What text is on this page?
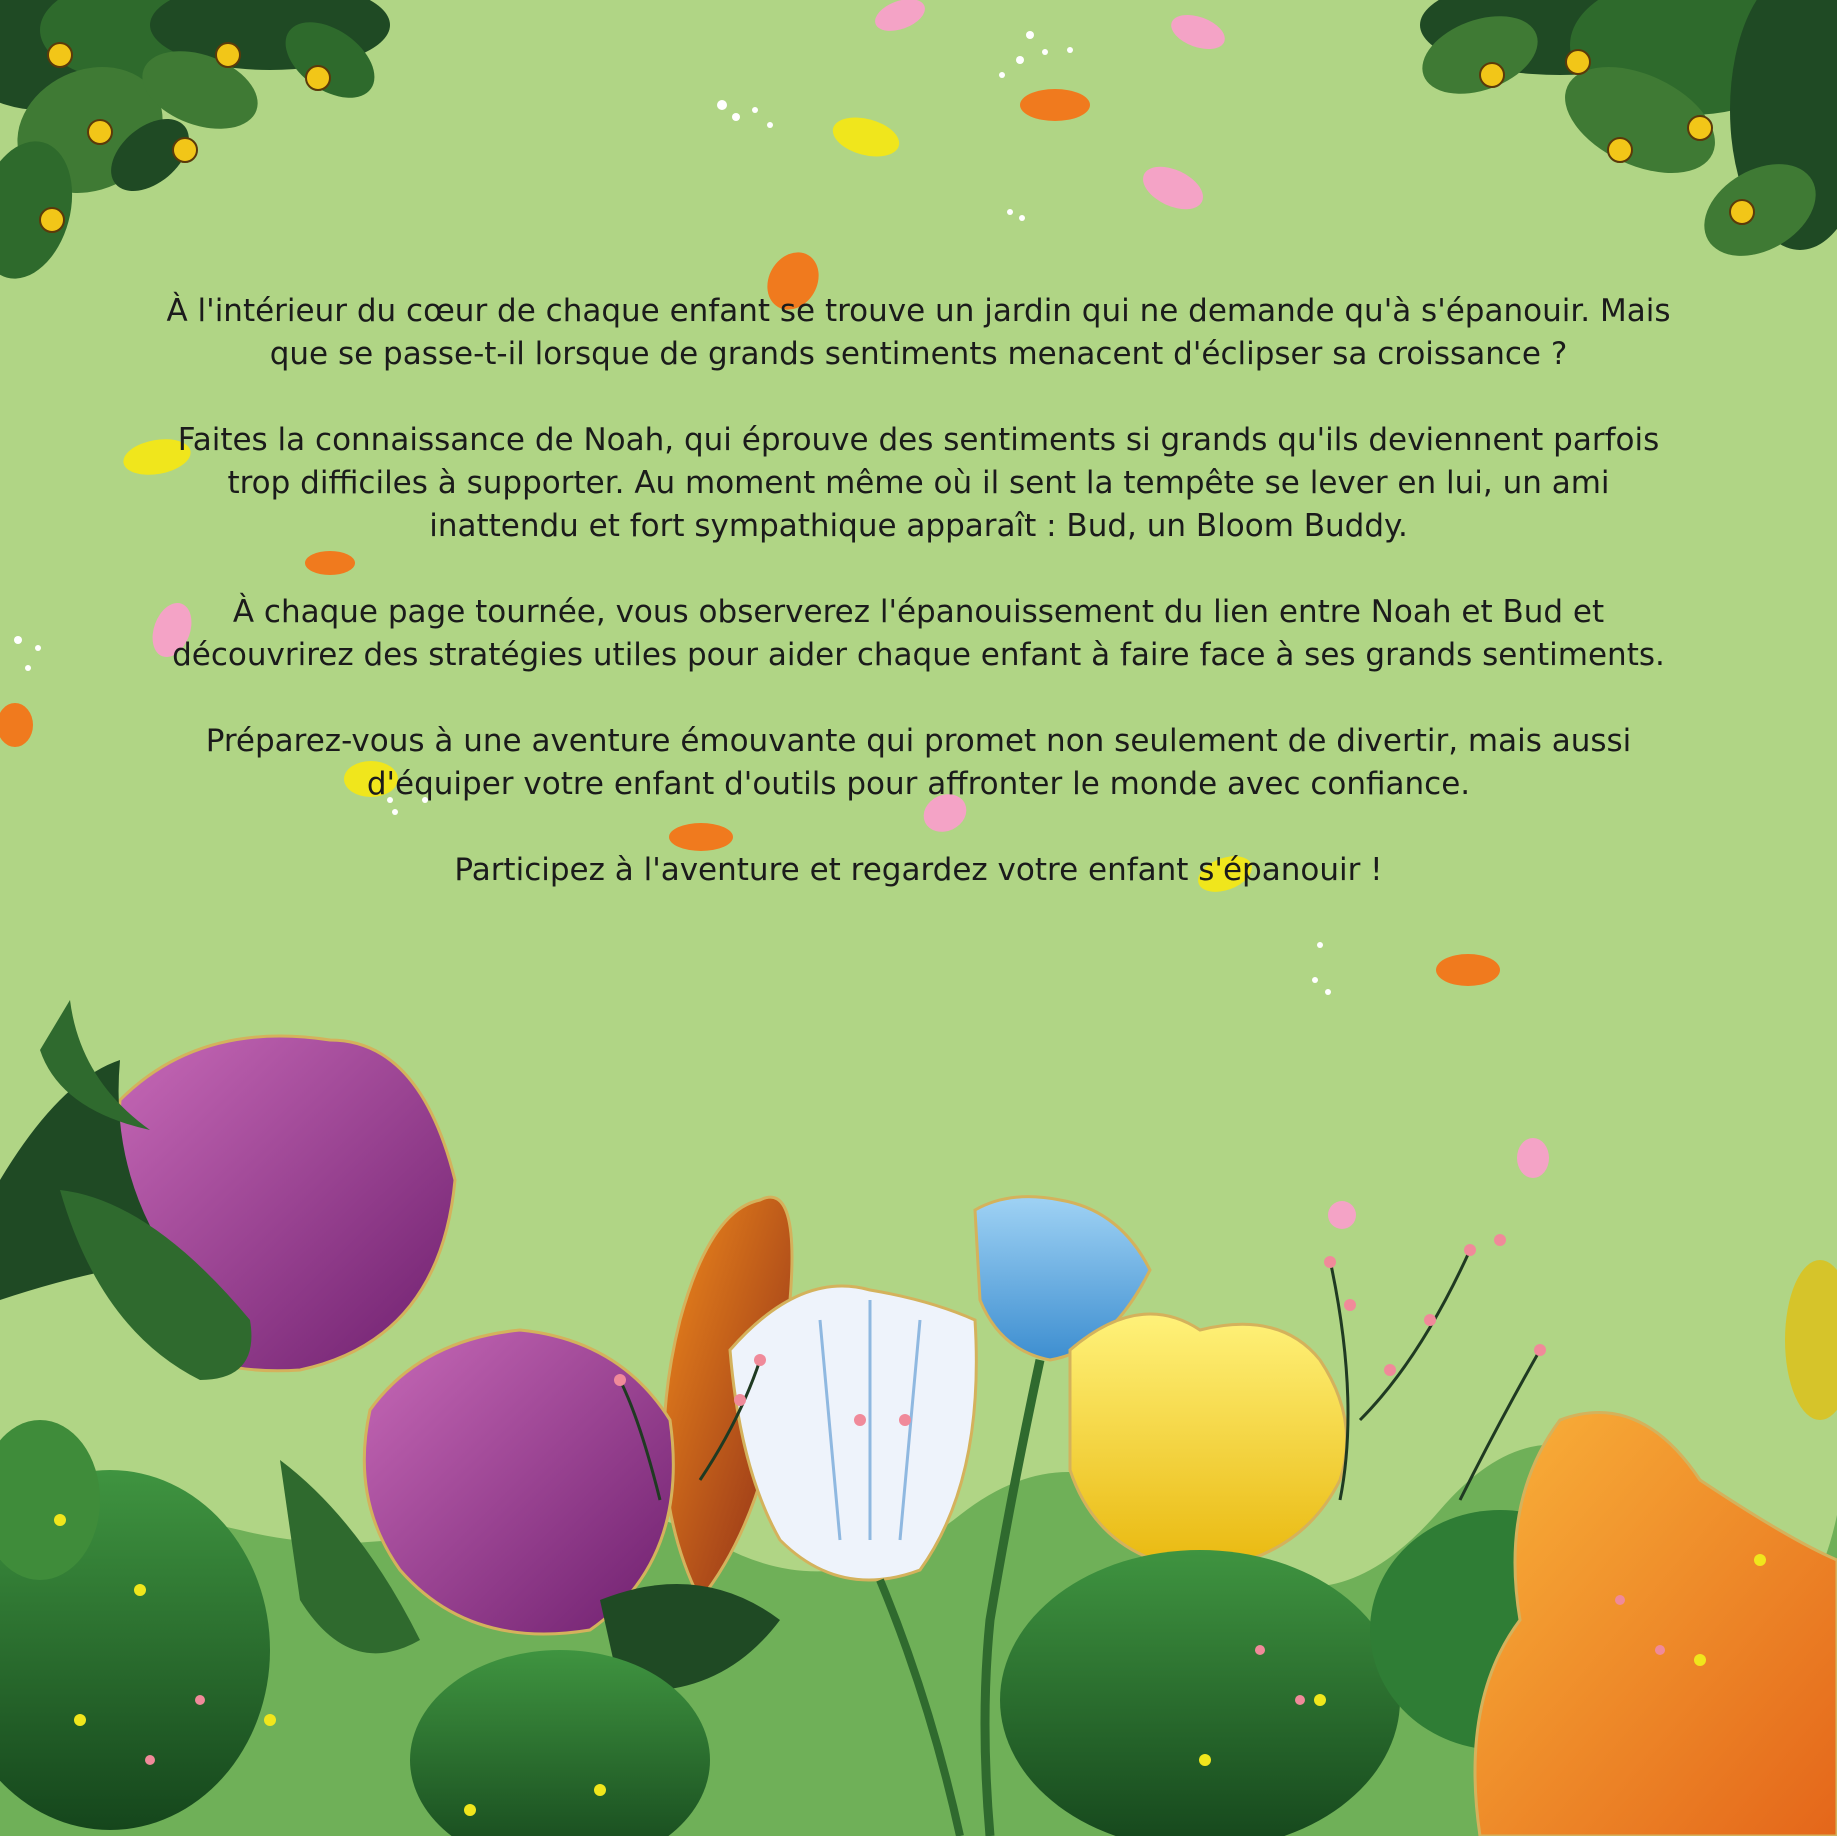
À l'intérieur du cœur de chaque enfant se trouve un jardin qui ne demande qu'à s'épanouir. Mais que se passe-t-il lorsque de grands sentiments menacent d'éclipser sa croissance ?

Faites la connaissance de Noah, qui éprouve des sentiments si grands qu'ils deviennent parfois trop difficiles à supporter. Au moment même où il sent la tempête se lever en lui, un ami inattendu et fort sympathique apparaît : Bud, un Bloom Buddy.

À chaque page tournée, vous observerez l'épanouissement du lien entre Noah et Bud et découvrirez des stratégies utiles pour aider chaque enfant à faire face à ses grands sentiments.

Préparez-vous à une aventure émouvante qui promet non seulement de divertir, mais aussi d'équiper votre enfant d'outils pour affronter le monde avec confiance.

Participez à l'aventure et regardez votre enfant s'épanouir !
